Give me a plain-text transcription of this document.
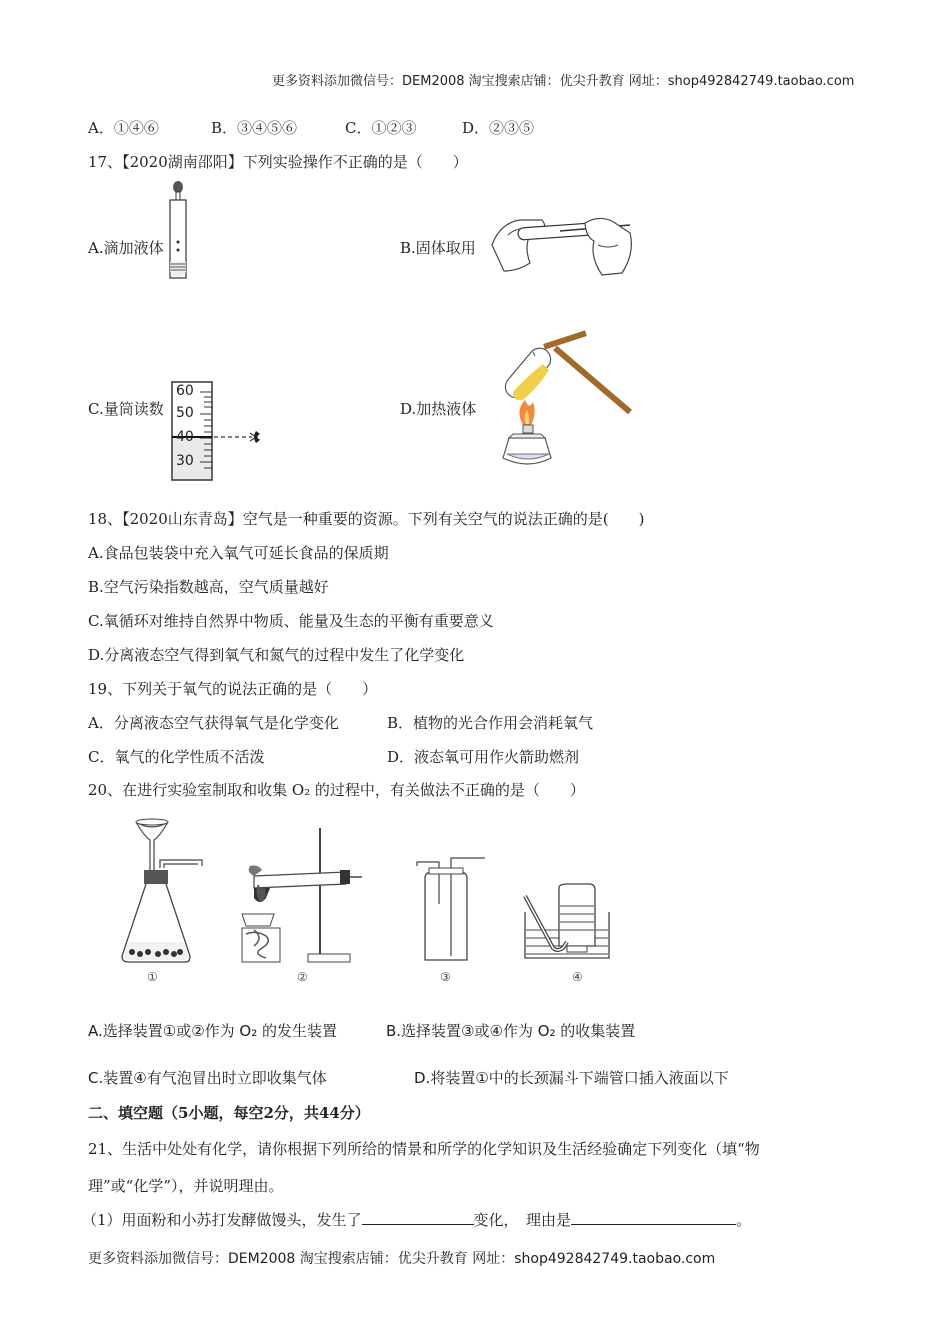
更多资料添加微信号：DEM2008 淘宝搜索店铺：优尖升教育 网址：shop492842749.taobao.com
A．①④⑥	B．③④⑤⑥	C．①②③	D．②③⑤
17、【2020湖南邵阳】下列实验操作不正确的是（　　）
A.滴加液体	B.固体取用
C.量筒读数	D.加热液体
60
50
40
30
18、【2020山东青岛】空气是一种重要的资源。下列有关空气的说法正确的是(　　)
A.食品包装袋中充入氧气可延长食品的保质期
B.空气污染指数越高，空气质量越好
C.氧循环对维持自然界中物质、能量及生态的平衡有重要意义
D.分离液态空气得到氧气和氮气的过程中发生了化学变化
19、下列关于氧气的说法正确的是（　　）
A．分离液态空气获得氧气是化学变化	B．植物的光合作用会消耗氧气
C．氧气的化学性质不活泼	D．液态氧可用作火箭助燃剂
20、在进行实验室制取和收集 O₂ 的过程中，有关做法不正确的是（　　）
①	②	③	④
A.选择装置①或②作为 O₂ 的发生装置	B.选择装置③或④作为 O₂ 的收集装置
C.装置④有气泡冒出时立即收集气体	D.将装置①中的长颈漏斗下端管口插入液面以下
二、填空题（5小题，每空2分，共44分）
21、生活中处处有化学，请你根据下列所给的情景和所学的化学知识及生活经验确定下列变化（填“物
理”或“化学”），并说明理由。
（1）用面粉和小苏打发酵做馒头，发生了	变化，　理由是	。
更多资料添加微信号：DEM2008 淘宝搜索店铺：优尖升教育 网址：shop492842749.taobao.com
